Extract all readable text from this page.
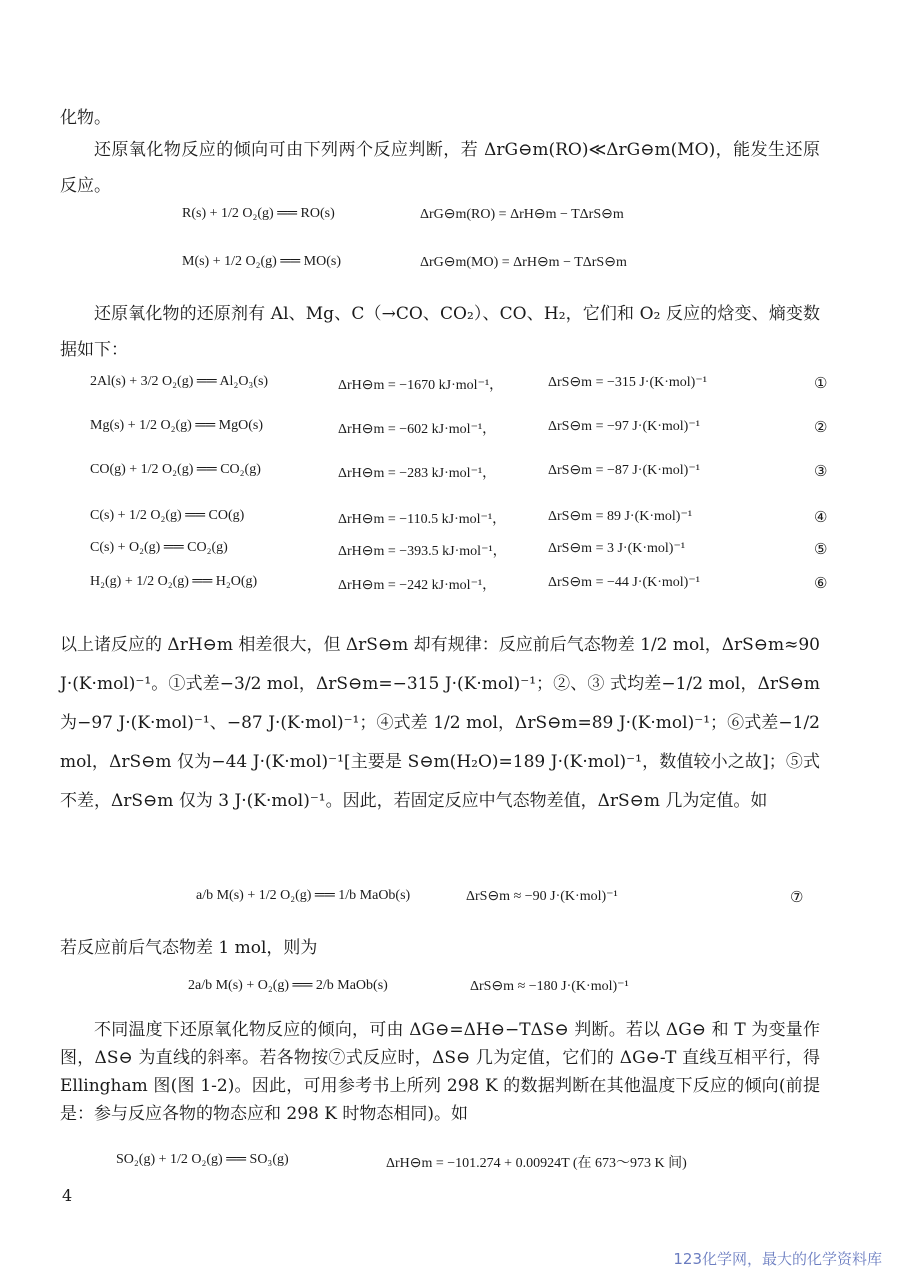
化物。
还原氧化物反应的倾向可由下列两个反应判断，若 ΔrG⊖m(RO)≪ΔrG⊖m(MO)，能发生还原反应。
R(s) + 1/2 O₂(g) ══ RO(s)	ΔrG⊖m(RO) = ΔrH⊖m − TΔrS⊖m
M(s) + 1/2 O₂(g) ══ MO(s)	ΔrG⊖m(MO) = ΔrH⊖m − TΔrS⊖m
还原氧化物的还原剂有 Al、Mg、C（→CO、CO₂）、CO、H₂，它们和 O₂ 反应的焓变、熵变数据如下：
2Al(s) + 3/2 O₂(g) ══ Al₂O₃(s)	ΔrH⊖m = −1670 kJ·mol⁻¹，	ΔrS⊖m = −315 J·(K·mol)⁻¹	①
Mg(s) + 1/2 O₂(g) ══ MgO(s)	ΔrH⊖m = −602 kJ·mol⁻¹，	ΔrS⊖m = −97 J·(K·mol)⁻¹	②
CO(g) + 1/2 O₂(g) ══ CO₂(g)	ΔrH⊖m = −283 kJ·mol⁻¹，	ΔrS⊖m = −87 J·(K·mol)⁻¹	③
C(s) + 1/2 O₂(g) ══ CO(g)	ΔrH⊖m = −110.5 kJ·mol⁻¹，	ΔrS⊖m = 89 J·(K·mol)⁻¹	④
C(s) + O₂(g) ══ CO₂(g)	ΔrH⊖m = −393.5 kJ·mol⁻¹，	ΔrS⊖m = 3 J·(K·mol)⁻¹	⑤
H₂(g) + 1/2 O₂(g) ══ H₂O(g)	ΔrH⊖m = −242 kJ·mol⁻¹，	ΔrS⊖m = −44 J·(K·mol)⁻¹	⑥
以上诸反应的 ΔrH⊖m 相差很大，但 ΔrS⊖m 却有规律：反应前后气态物差 1/2 mol，ΔrS⊖m≈90 J·(K·mol)⁻¹。①式差−3/2 mol，ΔrS⊖m=−315 J·(K·mol)⁻¹；②、③ 式均差−1/2 mol，ΔrS⊖m 为−97 J·(K·mol)⁻¹、−87 J·(K·mol)⁻¹；④式差 1/2 mol，ΔrS⊖m=89 J·(K·mol)⁻¹；⑥式差−1/2 mol，ΔrS⊖m 仅为−44 J·(K·mol)⁻¹[主要是 S⊖m(H₂O)=189 J·(K·mol)⁻¹，数值较小之故]；⑤式不差，ΔrS⊖m 仅为 3 J·(K·mol)⁻¹。因此，若固定反应中气态物差值，ΔrS⊖m 几为定值。如
a/b M(s) + 1/2 O₂(g) ══ 1/b MaOb(s)	ΔrS⊖m ≈ −90 J·(K·mol)⁻¹	⑦
若反应前后气态物差 1 mol，则为
2a/b M(s) + O₂(g) ══ 2/b MaOb(s)	ΔrS⊖m ≈ −180 J·(K·mol)⁻¹
不同温度下还原氧化物反应的倾向，可由 ΔG⊖=ΔH⊖−TΔS⊖ 判断。若以 ΔG⊖ 和 T 为变量作图，ΔS⊖ 为直线的斜率。若各物按⑦式反应时，ΔS⊖ 几为定值，它们的 ΔG⊖-T 直线互相平行，得 Ellingham 图(图 1-2)。因此，可用参考书上所列 298 K 的数据判断在其他温度下反应的倾向(前提是：参与反应各物的物态应和 298 K 时物态相同)。如
SO₂(g) + 1/2 O₂(g) ══ SO₃(g)	ΔrH⊖m = −101.274 + 0.00924T (在 673～973 K 间)
4
123化学网，最大的化学资料库
